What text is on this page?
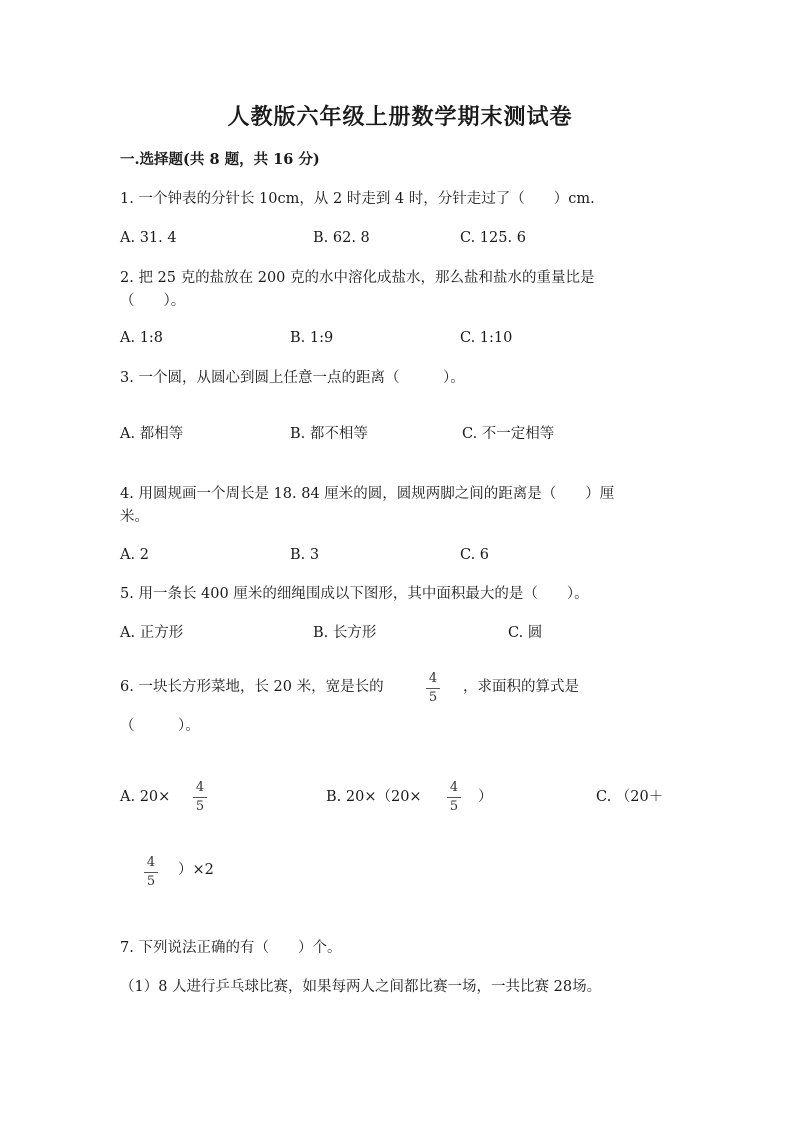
人教版六年级上册数学期末测试卷
一.选择题(共 8 题，共 16 分)
1. 一个钟表的分针长 10cm，从 2 时走到 4 时，分针走过了（　　）cm.
A. 31. 4	B. 62. 8	C. 125. 6
2. 把 25 克的盐放在 200 克的水中溶化成盐水，那么盐和盐水的重量比是
（　　）。
A. 1:8	B. 1:9	C. 1:10
3. 一个圆，从圆心到圆上任意一点的距离（　　　）。
A. 都相等	B. 都不相等	C. 不一定相等
4. 用圆规画一个周长是 18. 84 厘米的圆，圆规两脚之间的距离是（　　）厘
米。
A. 2	B. 3	C. 6
5. 用一条长 400 厘米的细绳围成以下图形，其中面积最大的是（　　）。
A. 正方形	B. 长方形	C. 圆
6. 一块长方形菜地，长 20 米，宽是长的
4
5
，求面积的算式是
（　　　）。
A. 20×
4
5
B. 20×（20×
4
5
）	C. （20＋
4
5
）×2
7. 下列说法正确的有（　　）个。
（1）8 人进行乒乓球比赛，如果每两人之间都比赛一场，一共比赛 28场。
